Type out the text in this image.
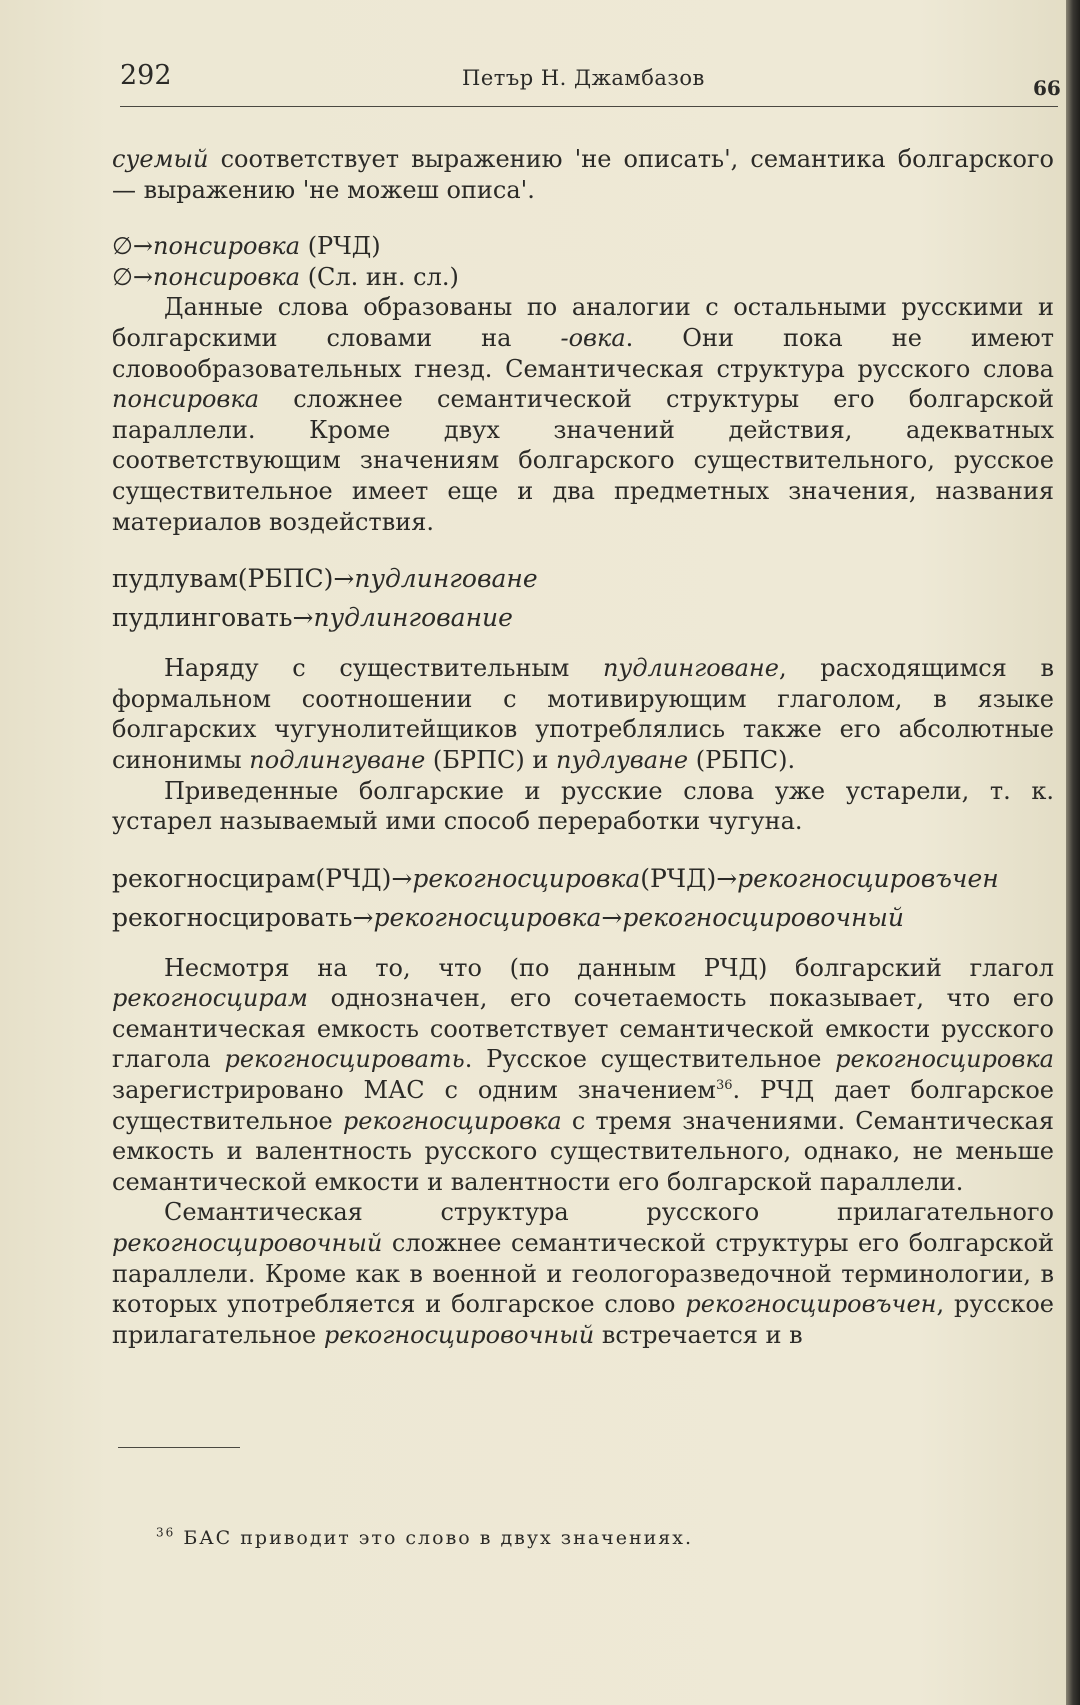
292	Петър Н. Джамбазов	66

суемый соответствует выражению 'не описать', семантика болгарского — выражению 'не можеш описа'.

∅→понсировка (РЧД)

∅→понсировка (Сл. ин. сл.)

Данные слова образованы по аналогии с остальными русскими и болгарскими словами на -овка. Они пока не имеют словообразовательных гнезд. Семантическая структура русского слова понсировка сложнее семантической структуры его болгарской параллели. Кроме двух значений действия, адекватных соответствующим значениям болгарского существительного, русское существительное имеет еще и два предметных значения, названия материалов воздействия.

пудлувам(РБПС)→пудлинговане

пудлинговать→пудлингование

Наряду с существительным пудлинговане, расходящимся в формальном соотношении с мотивирующим глаголом, в языке болгарских чугунолитейщиков употреблялись также его абсолютные синонимы подлингуване (БРПС) и пудлуване (РБПС).

Приведенные болгарские и русские слова уже устарели, т. к. устарел называемый ими способ переработки чугуна.

рекогносцирам(РЧД)→рекогносцировка(РЧД)→рекогносцировъчен

рекогносцировать→рекогносцировка→рекогносцировочный

Несмотря на то, что (по данным РЧД) болгарский глагол рекогносцирам однозначен, его сочетаемость показывает, что его семантическая емкость соответствует семантической емкости русского глагола рекогносцировать. Русское существительное рекогносцировка зарегистрировано МАС с одним значением$^{36}$. РЧД дает болгарское существительное рекогносцировка с тремя значениями. Семантическая емкость и валентность русского существительного, однако, не меньше семантической емкости и валентности его болгарской параллели.

Семантическая структура русского прилагательного рекогносцировочный сложнее семантической структуры его болгарской параллели. Кроме как в военной и геологоразведочной терминологии, в которых употребляется и болгарское слово рекогносцировъчен, русское прилагательное рекогносцировочный встречается и в

$^{36}$ БАС приводит это слово в двух значениях.
